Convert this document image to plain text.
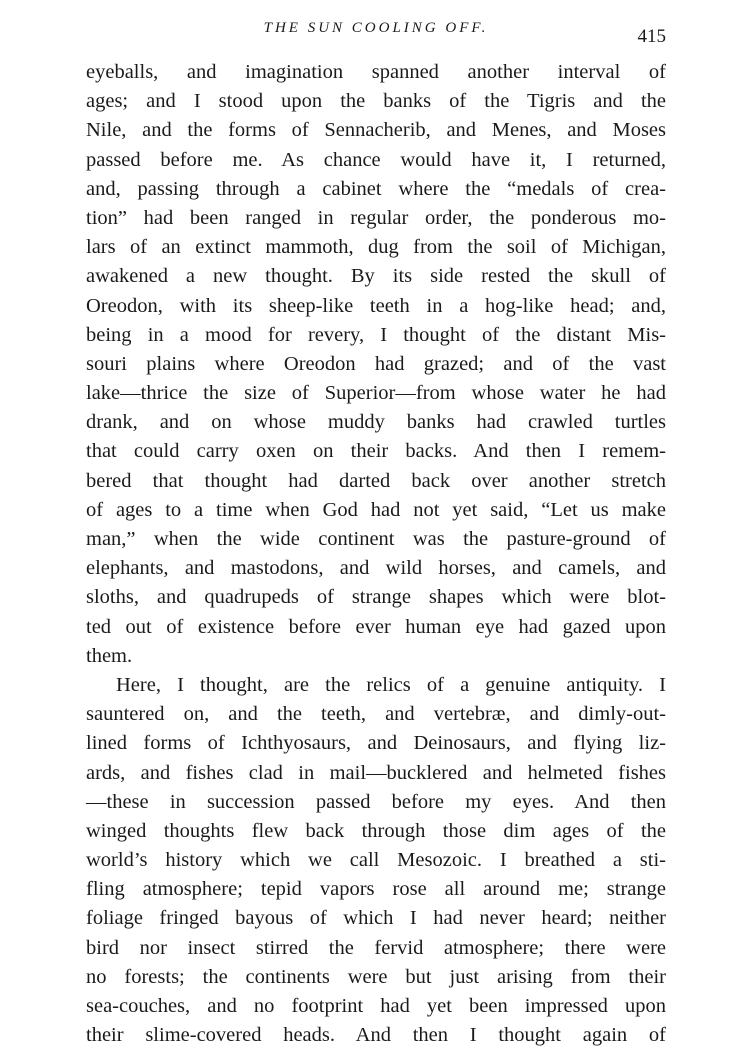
THE SUN COOLING OFF.	415
eyeballs, and imagination spanned another interval of
ages; and I stood upon the banks of the Tigris and the
Nile, and the forms of Sennacherib, and Menes, and Moses
passed before me. As chance would have it, I returned,
and, passing through a cabinet where the “medals of crea-
tion” had been ranged in regular order, the ponderous mo-
lars of an extinct mammoth, dug from the soil of Michigan,
awakened a new thought. By its side rested the skull of
Oreodon, with its sheep-like teeth in a hog-like head; and,
being in a mood for revery, I thought of the distant Mis-
souri plains where Oreodon had grazed; and of the vast
lake—thrice the size of Superior—from whose water he had
drank, and on whose muddy banks had crawled turtles
that could carry oxen on their backs. And then I remem-
bered that thought had darted back over another stretch
of ages to a time when God had not yet said, “Let us make
man,” when the wide continent was the pasture-ground of
elephants, and mastodons, and wild horses, and camels, and
sloths, and quadrupeds of strange shapes which were blot-
ted out of existence before ever human eye had gazed upon
them.
Here, I thought, are the relics of a genuine antiquity. I
sauntered on, and the teeth, and vertebræ, and dimly-out-
lined forms of Ichthyosaurs, and Deinosaurs, and flying liz-
ards, and fishes clad in mail—bucklered and helmeted fishes
—these in succession passed before my eyes. And then
winged thoughts flew back through those dim ages of the
world’s history which we call Mesozoic. I breathed a sti-
fling atmosphere; tepid vapors rose all around me; strange
foliage fringed bayous of which I had never heard; neither
bird nor insect stirred the fervid atmosphere; there were
no forests; the continents were but just arising from their
sea-couches, and no footprint had yet been impressed upon
their slime-covered heads. And then I thought again of
